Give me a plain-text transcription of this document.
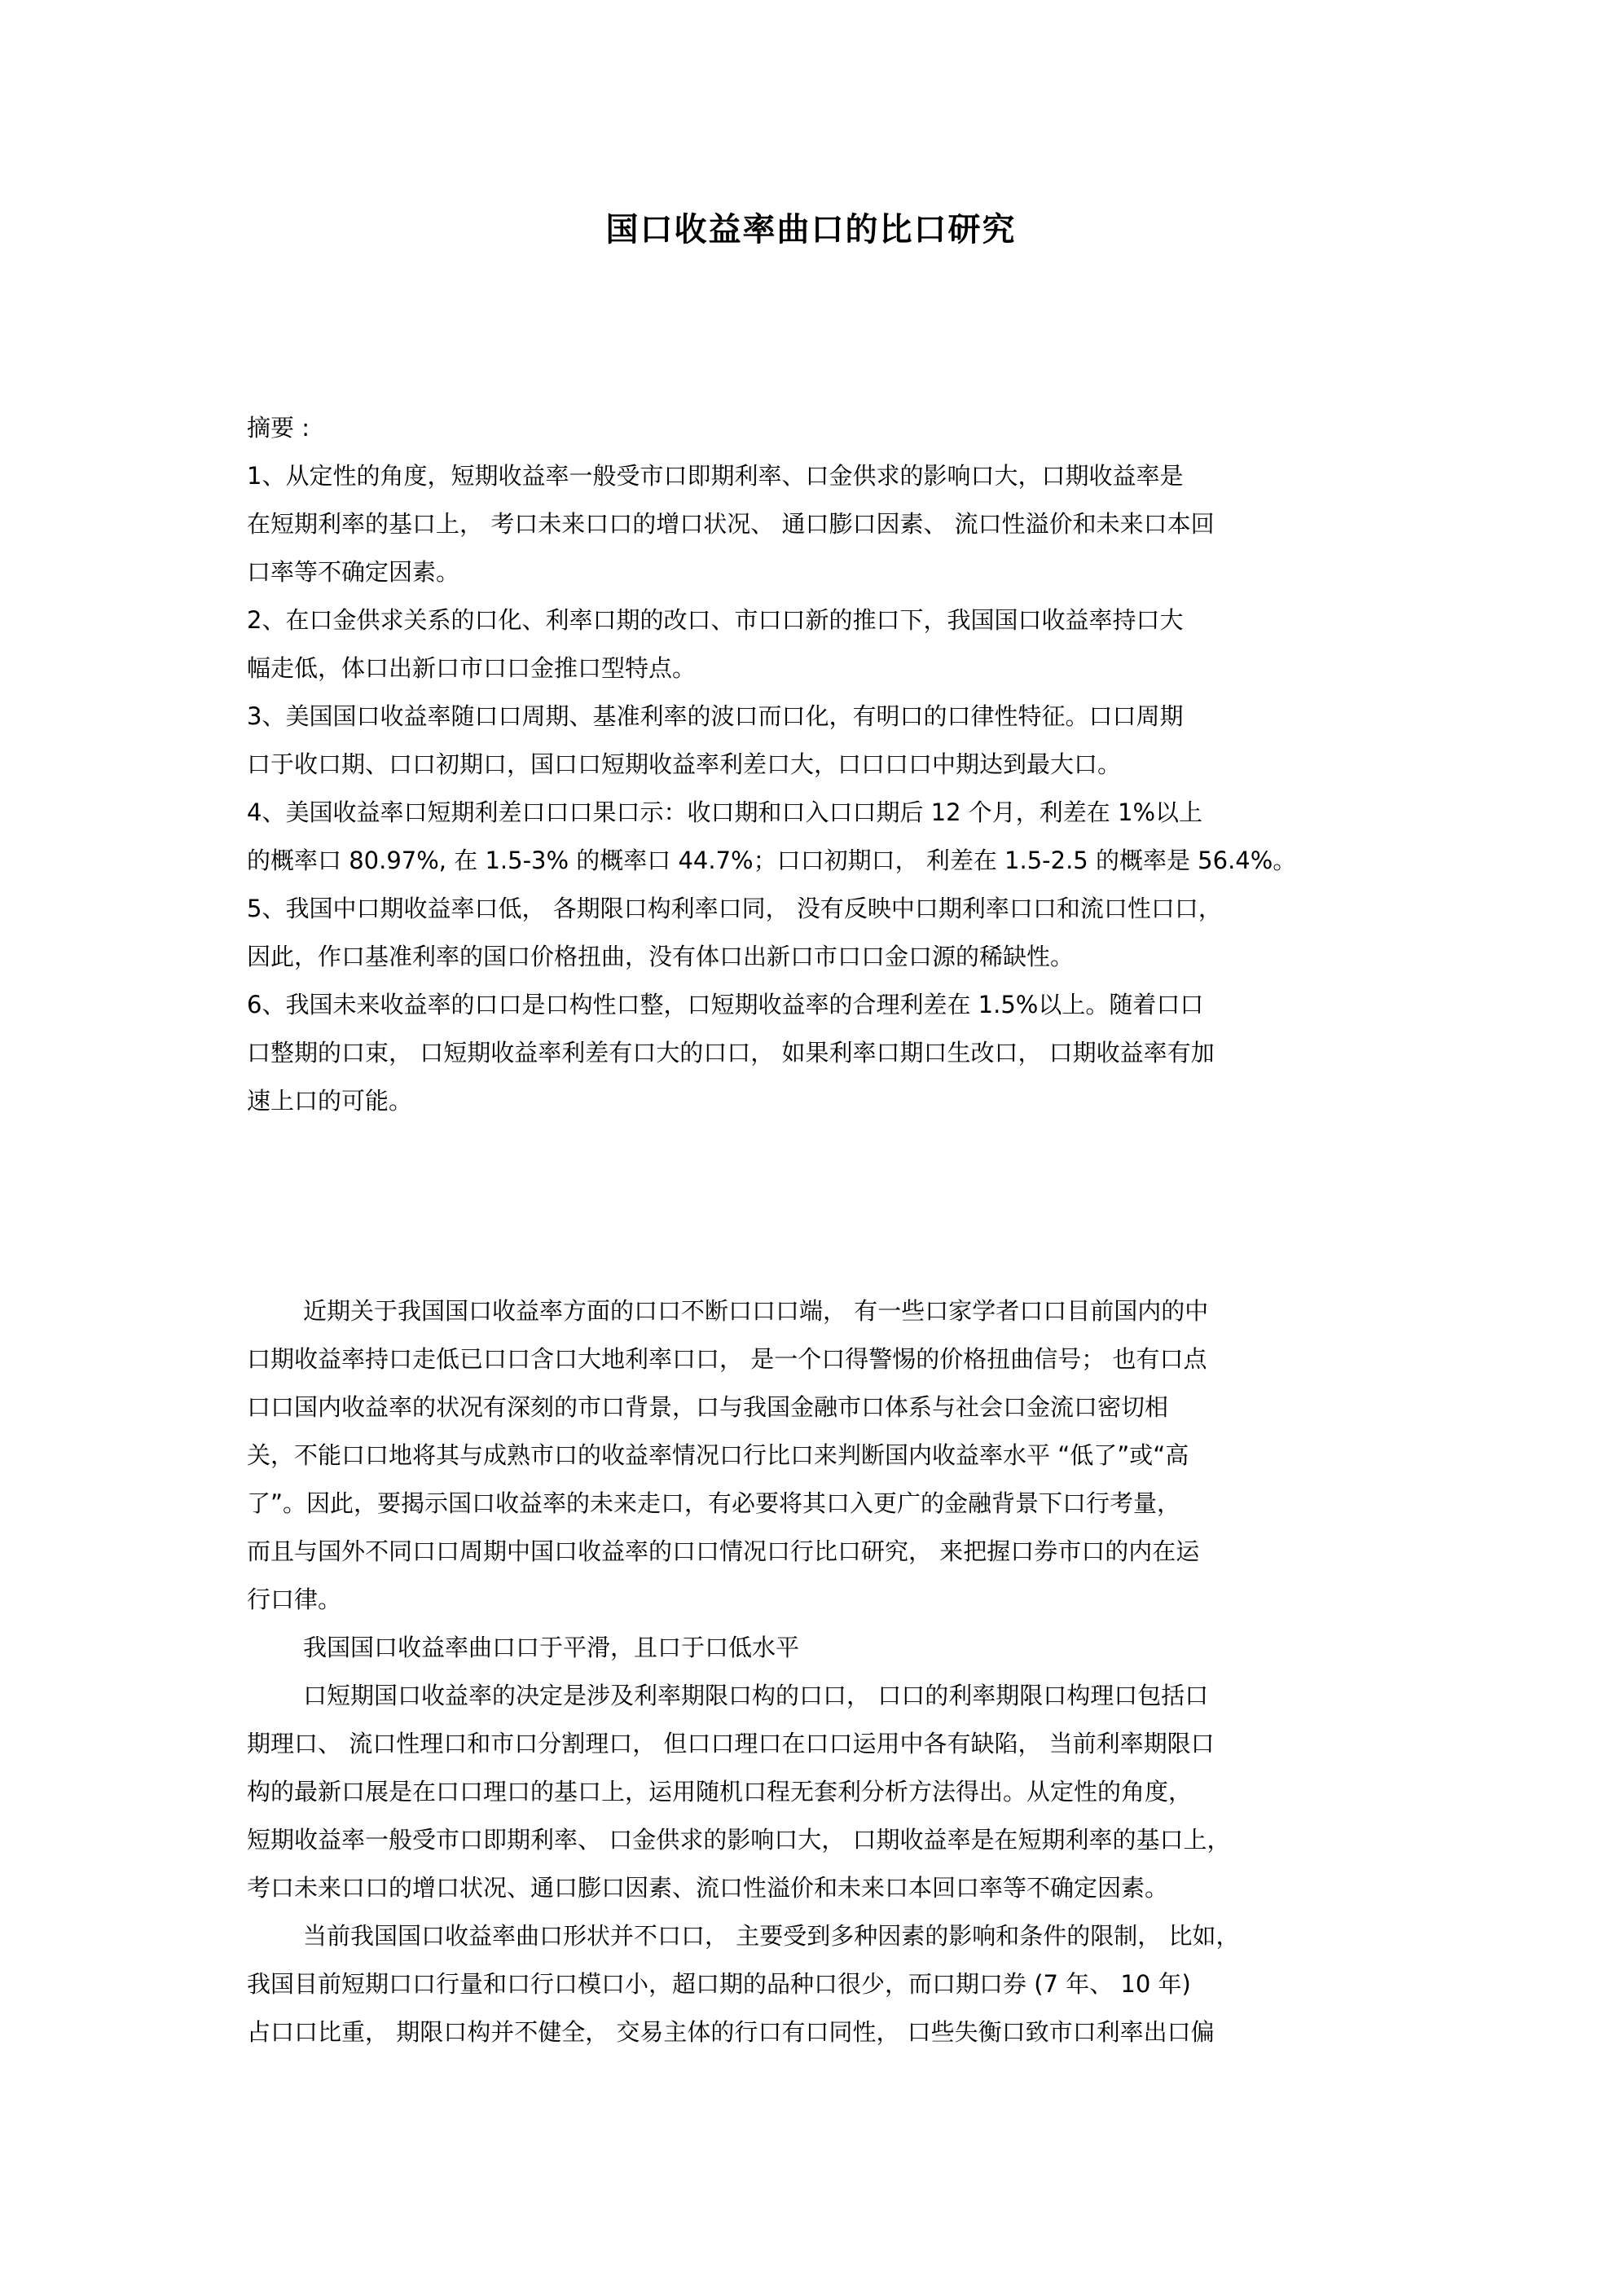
国口收益率曲口的比口研究
摘要 :
1、从定性的角度，短期收益率一般受市口即期利率、口金供求的影响口大，口期收益率是
在短期利率的基口上， 考口未来口口的增口状况、 通口膨口因素、 流口性溢价和未来口本回
口率等不确定因素。
2、在口金供求关系的口化、利率口期的改口、市口口新的推口下，我国国口收益率持口大
幅走低，体口出新口市口口金推口型特点。
3、美国国口收益率随口口周期、基准利率的波口而口化，有明口的口律性特征。口口周期
口于收口期、口口初期口，国口口短期收益率利差口大，口口口口中期达到最大口。
4、美国收益率口短期利差口口口果口示：收口期和口入口口期后 12 个月，利差在 1%以上
的概率口 80.97%, 在 1.5-3% 的概率口 44.7%；口口初期口， 利差在 1.5-2.5 的概率是 56.4%。
5、我国中口期收益率口低， 各期限口构利率口同， 没有反映中口期利率口口和流口性口口，
因此，作口基准利率的国口价格扭曲，没有体口出新口市口口金口源的稀缺性。
6、我国未来收益率的口口是口构性口整，口短期收益率的合理利差在 1.5%以上。随着口口
口整期的口束， 口短期收益率利差有口大的口口， 如果利率口期口生改口， 口期收益率有加
速上口的可能。
近期关于我国国口收益率方面的口口不断口口口端， 有一些口家学者口口目前国内的中
口期收益率持口走低已口口含口大地利率口口， 是一个口得警惕的价格扭曲信号； 也有口点
口口国内收益率的状况有深刻的市口背景，口与我国金融市口体系与社会口金流口密切相
关，不能口口地将其与成熟市口的收益率情况口行比口来判断国内收益率水平 “低了”或“高
了”。因此，要揭示国口收益率的未来走口，有必要将其口入更广的金融背景下口行考量，
而且与国外不同口口周期中国口收益率的口口情况口行比口研究， 来把握口券市口的内在运
行口律。
我国国口收益率曲口口于平滑，且口于口低水平
口短期国口收益率的决定是涉及利率期限口构的口口， 口口的利率期限口构理口包括口
期理口、 流口性理口和市口分割理口， 但口口理口在口口运用中各有缺陷， 当前利率期限口
构的最新口展是在口口理口的基口上，运用随机口程无套利分析方法得出。从定性的角度，
短期收益率一般受市口即期利率、 口金供求的影响口大， 口期收益率是在短期利率的基口上，
考口未来口口的增口状况、通口膨口因素、流口性溢价和未来口本回口率等不确定因素。
当前我国国口收益率曲口形状并不口口， 主要受到多种因素的影响和条件的限制， 比如，
我国目前短期口口行量和口行口模口小，超口期的品种口很少，而口期口券 (7 年、 10 年)
占口口比重， 期限口构并不健全， 交易主体的行口有口同性， 口些失衡口致市口利率出口偏
